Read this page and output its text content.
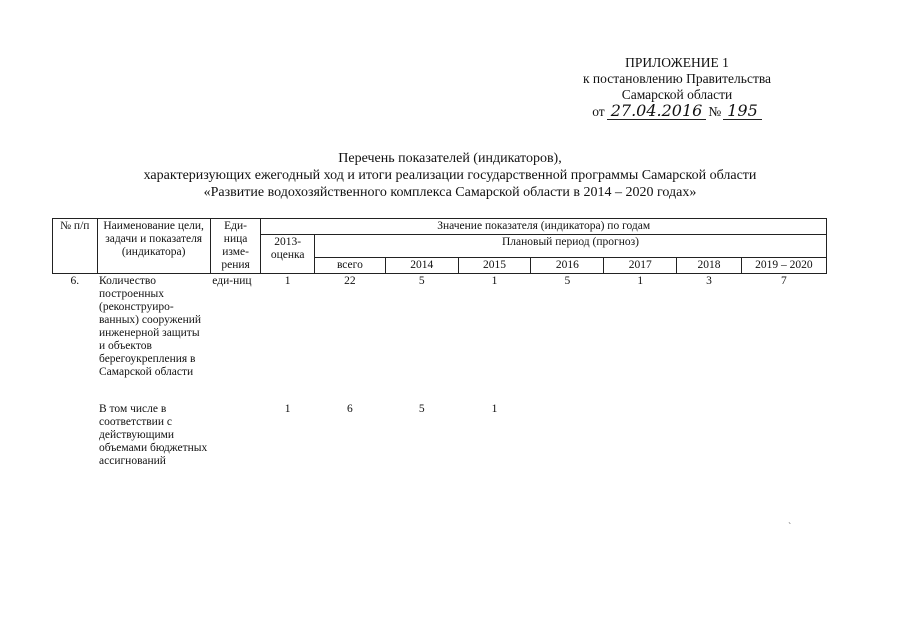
ПРИЛОЖЕНИЕ 1
к постановлению Правительства
Самарской области
от 27.04.2016 № 195
Перечень показателей (индикаторов),
характеризующих ежегодный ход и итоги реализации государственной программы Самарской области
«Развитие водохозяйственного комплекса Самарской области в 2014 – 2020 годах»
№ п/п	Наименование цели, задачи и показателя (индикатора)	Еди-ница изме-рения	Значение показателя (индикатора) по годам							
			2013-оценка	Плановый период (прогноз)						
				всего	2014	2015	2016	2017	2018	2019 – 2020
6.	Количество построенных (реконструиро-ванных) сооружений инженерной защиты и объектов берегоукрепления в Самарской области	еди-ниц	1	22	5	1	5	1	3	7

	В том числе в соответствии с действующими объемами бюджетных ассигнований		1	6	5	1				
`
